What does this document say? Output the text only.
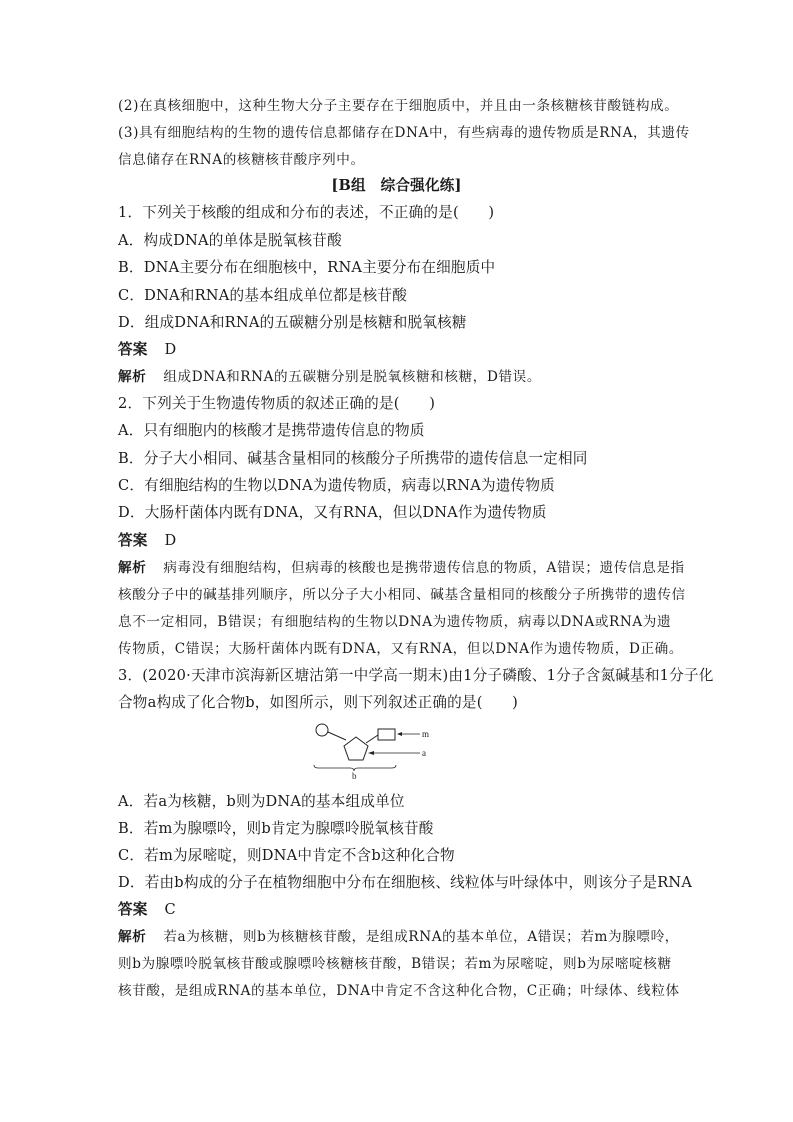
(2)在真核细胞中，这种生物大分子主要存在于细胞质中，并且由一条核糖核苷酸链构成。
(3)具有细胞结构的生物的遗传信息都储存在DNA中，有些病毒的遗传物质是RNA，其遗传
信息储存在RNA的核糖核苷酸序列中。
[B组　综合强化练]
1．下列关于核酸的组成和分布的表述，不正确的是(　　)
A．构成DNA的单体是脱氧核苷酸
B．DNA主要分布在细胞核中，RNA主要分布在细胞质中
C．DNA和RNA的基本组成单位都是核苷酸
D．组成DNA和RNA的五碳糖分别是核糖和脱氧核糖
答案 D
解析 组成DNA和RNA的五碳糖分别是脱氧核糖和核糖，D错误。
2．下列关于生物遗传物质的叙述正确的是(　　)
A．只有细胞内的核酸才是携带遗传信息的物质
B．分子大小相同、碱基含量相同的核酸分子所携带的遗传信息一定相同
C．有细胞结构的生物以DNA为遗传物质，病毒以RNA为遗传物质
D．大肠杆菌体内既有DNA，又有RNA，但以DNA作为遗传物质
答案 D
解析 病毒没有细胞结构，但病毒的核酸也是携带遗传信息的物质，A错误；遗传信息是指
核酸分子中的碱基排列顺序，所以分子大小相同、碱基含量相同的核酸分子所携带的遗传信
息不一定相同，B错误；有细胞结构的生物以DNA为遗传物质，病毒以DNA或RNA为遗
传物质，C错误；大肠杆菌体内既有DNA，又有RNA，但以DNA作为遗传物质，D正确。
3．(2020·天津市滨海新区塘沽第一中学高一期末)由1分子磷酸、1分子含氮碱基和1分子化
合物a构成了化合物b，如图所示，则下列叙述正确的是(　　)
m
a
b
A．若a为核糖，b则为DNA的基本组成单位
B．若m为腺嘌呤，则b肯定为腺嘌呤脱氧核苷酸
C．若m为尿嘧啶，则DNA中肯定不含b这种化合物
D．若由b构成的分子在植物细胞中分布在细胞核、线粒体与叶绿体中，则该分子是RNA
答案 C
解析 若a为核糖，则b为核糖核苷酸，是组成RNA的基本单位，A错误；若m为腺嘌呤，
则b为腺嘌呤脱氧核苷酸或腺嘌呤核糖核苷酸，B错误；若m为尿嘧啶，则b为尿嘧啶核糖
核苷酸，是组成RNA的基本单位，DNA中肯定不含这种化合物，C正确；叶绿体、线粒体
